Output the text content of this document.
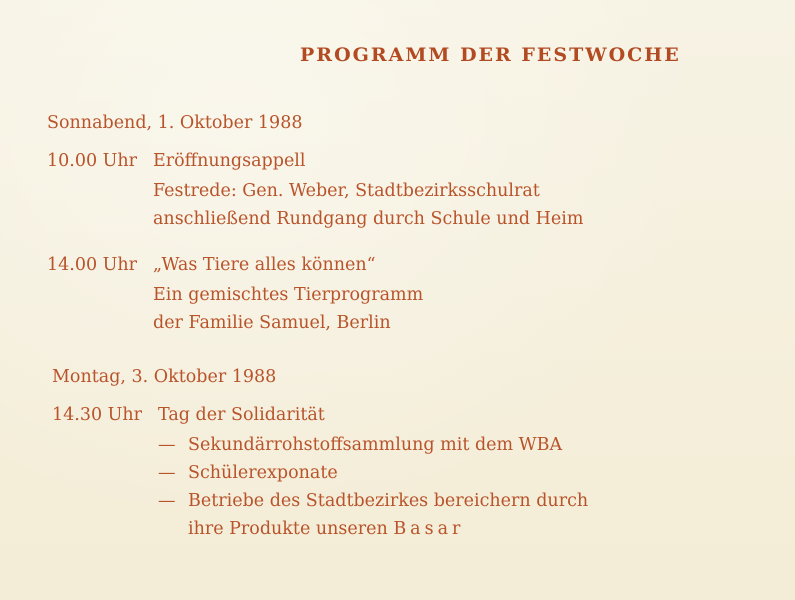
PROGRAMM DER FESTWOCHE
Sonnabend, 1. Oktober 1988
10.00 Uhr Eröffnungsappell
Festrede: Gen. Weber, Stadtbezirksschulrat
anschließend Rundgang durch Schule und Heim
14.00 Uhr „Was Tiere alles können“
Ein gemischtes Tierprogramm
der Familie Samuel, Berlin
Montag, 3. Oktober 1988
14.30 Uhr Tag der Solidarität
— Sekundärrohstoffsammlung mit dem WBA
— Schülerexponate
— Betriebe des Stadtbezirkes bereichern durch
ihre Produkte unseren Basar
